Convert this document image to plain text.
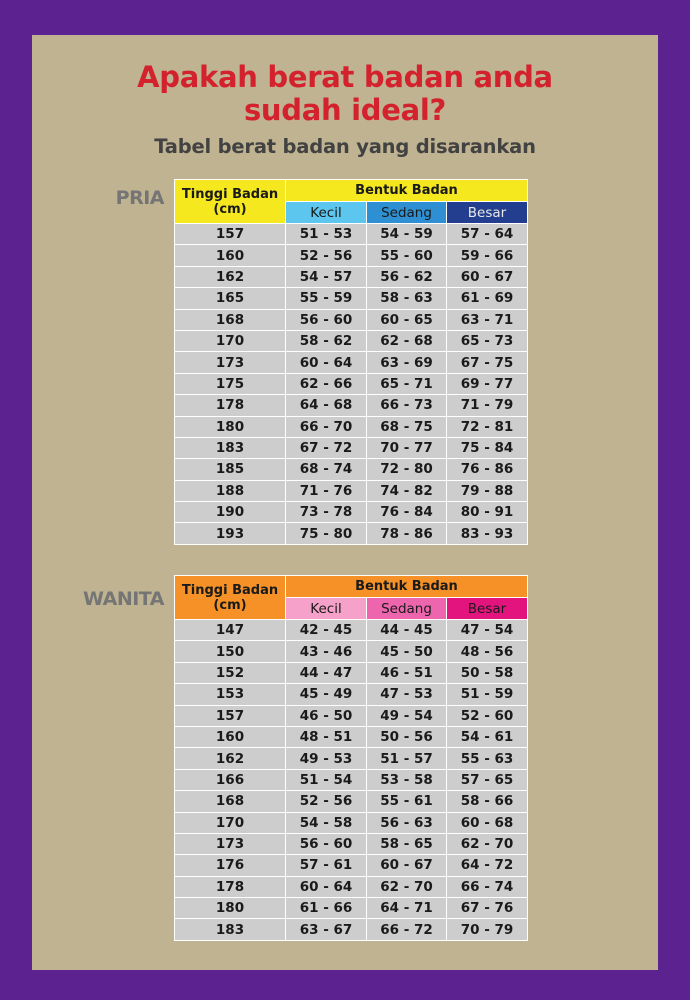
Apakah berat badan anda
sudah ideal?
Tabel berat badan yang disarankan
PRIA	Tinggi Badan
(cm)	Bentuk Badan		
	Kecil	Sedang	Besar
157	51 - 53	54 - 59	57 - 64
160	52 - 56	55 - 60	59 - 66
162	54 - 57	56 - 62	60 - 67
165	55 - 59	58 - 63	61 - 69
168	56 - 60	60 - 65	63 - 71
170	58 - 62	62 - 68	65 - 73
173	60 - 64	63 - 69	67 - 75
175	62 - 66	65 - 71	69 - 77
178	64 - 68	66 - 73	71 - 79
180	66 - 70	68 - 75	72 - 81
183	67 - 72	70 - 77	75 - 84
185	68 - 74	72 - 80	76 - 86
188	71 - 76	74 - 82	79 - 88
190	73 - 78	76 - 84	80 - 91
193	75 - 80	78 - 86	83 - 93
WANITA	Tinggi Badan
(cm)	Bentuk Badan		
	Kecil	Sedang	Besar
147	42 - 45	44 - 45	47 - 54
150	43 - 46	45 - 50	48 - 56
152	44 - 47	46 - 51	50 - 58
153	45 - 49	47 - 53	51 - 59
157	46 - 50	49 - 54	52 - 60
160	48 - 51	50 - 56	54 - 61
162	49 - 53	51 - 57	55 - 63
166	51 - 54	53 - 58	57 - 65
168	52 - 56	55 - 61	58 - 66
170	54 - 58	56 - 63	60 - 68
173	56 - 60	58 - 65	62 - 70
176	57 - 61	60 - 67	64 - 72
178	60 - 64	62 - 70	66 - 74
180	61 - 66	64 - 71	67 - 76
183	63 - 67	66 - 72	70 - 79
